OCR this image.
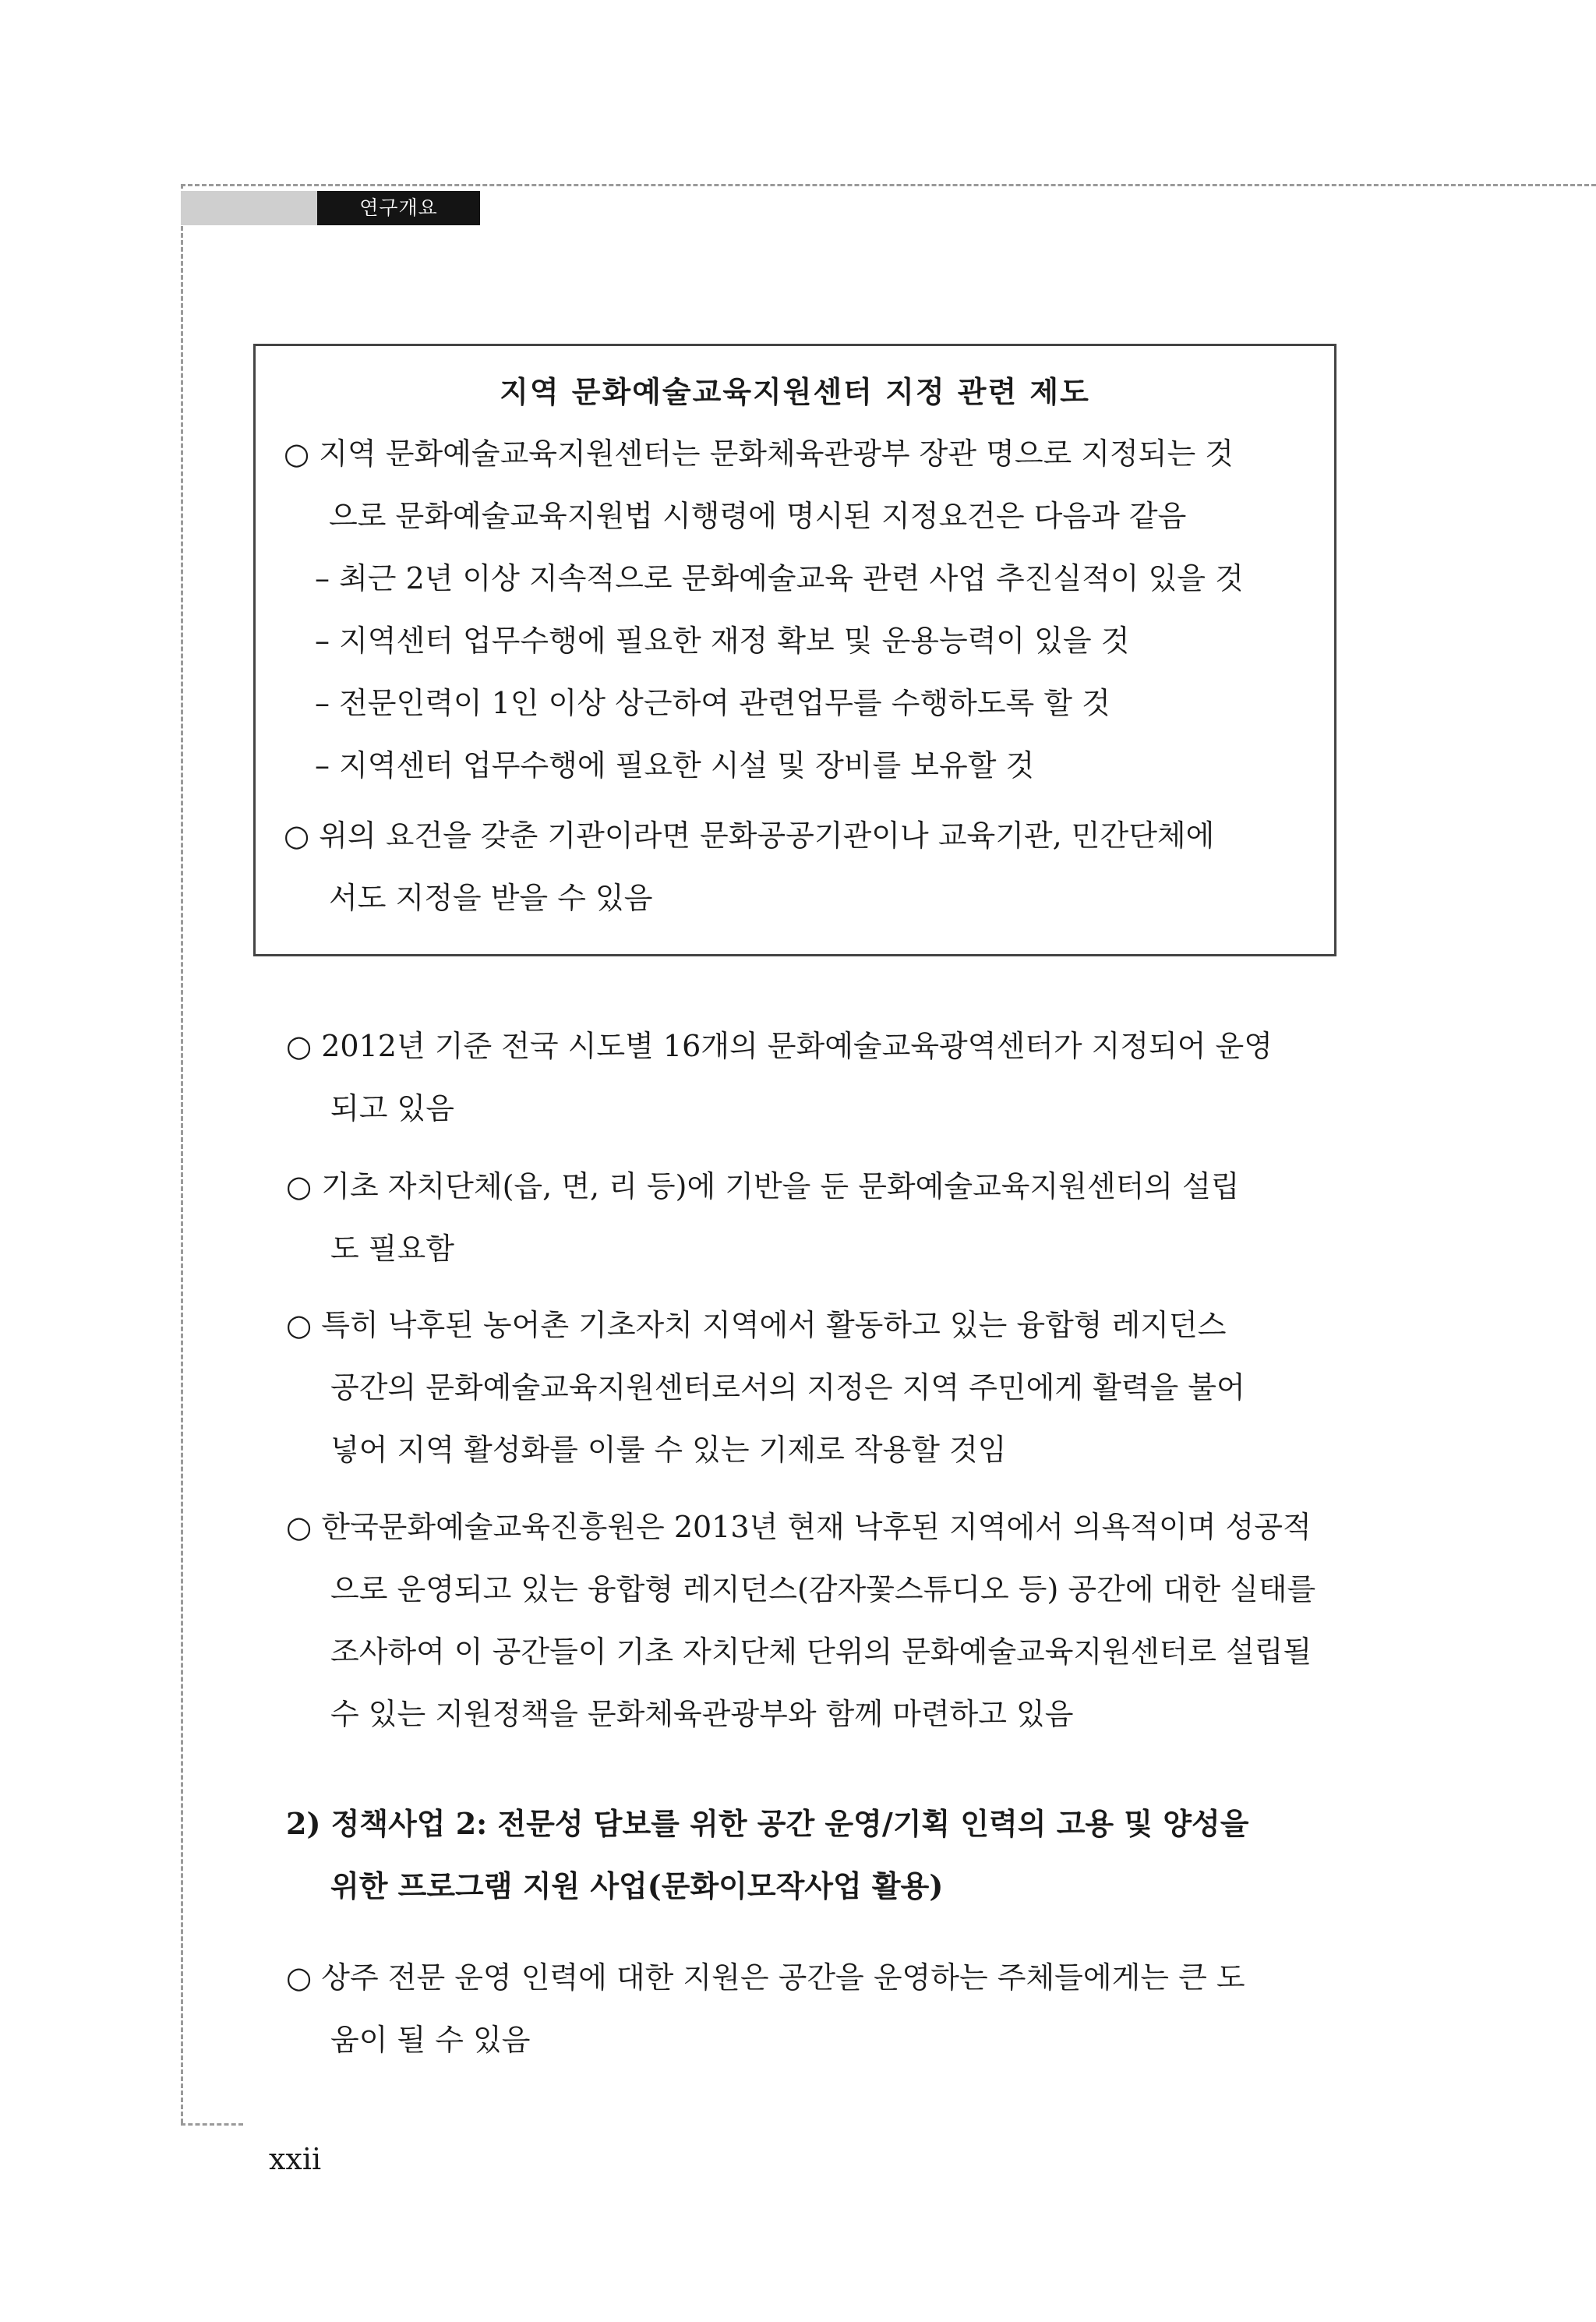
연구개요
지역 문화예술교육지원센터 지정 관련 제도
○ 지역 문화예술교육지원센터는 문화체육관광부 장관 명으로 지정되는 것
으로 문화예술교육지원법 시행령에 명시된 지정요건은 다음과 같음
– 최근 2년 이상 지속적으로 문화예술교육 관련 사업 추진실적이 있을 것
– 지역센터 업무수행에 필요한 재정 확보 및 운용능력이 있을 것
– 전문인력이 1인 이상 상근하여 관련업무를 수행하도록 할 것
– 지역센터 업무수행에 필요한 시설 및 장비를 보유할 것
○ 위의 요건을 갖춘 기관이라면 문화공공기관이나 교육기관, 민간단체에
서도 지정을 받을 수 있음
○ 2012년 기준 전국 시도별 16개의 문화예술교육광역센터가 지정되어 운영
되고 있음
○ 기초 자치단체(읍, 면, 리 등)에 기반을 둔 문화예술교육지원센터의 설립
도 필요함
○ 특히 낙후된 농어촌 기초자치 지역에서 활동하고 있는 융합형 레지던스
공간의 문화예술교육지원센터로서의 지정은 지역 주민에게 활력을 불어
넣어 지역 활성화를 이룰 수 있는 기제로 작용할 것임
○ 한국문화예술교육진흥원은 2013년 현재 낙후된 지역에서 의욕적이며 성공적
으로 운영되고 있는 융합형 레지던스(감자꽃스튜디오 등) 공간에 대한 실태를
조사하여 이 공간들이 기초 자치단체 단위의 문화예술교육지원센터로 설립될
수 있는 지원정책을 문화체육관광부와 함께 마련하고 있음
2) 정책사업 2: 전문성 담보를 위한 공간 운영/기획 인력의 고용 및 양성을
위한 프로그램 지원 사업(문화이모작사업 활용)
○ 상주 전문 운영 인력에 대한 지원은 공간을 운영하는 주체들에게는 큰 도
움이 될 수 있음
xxii
